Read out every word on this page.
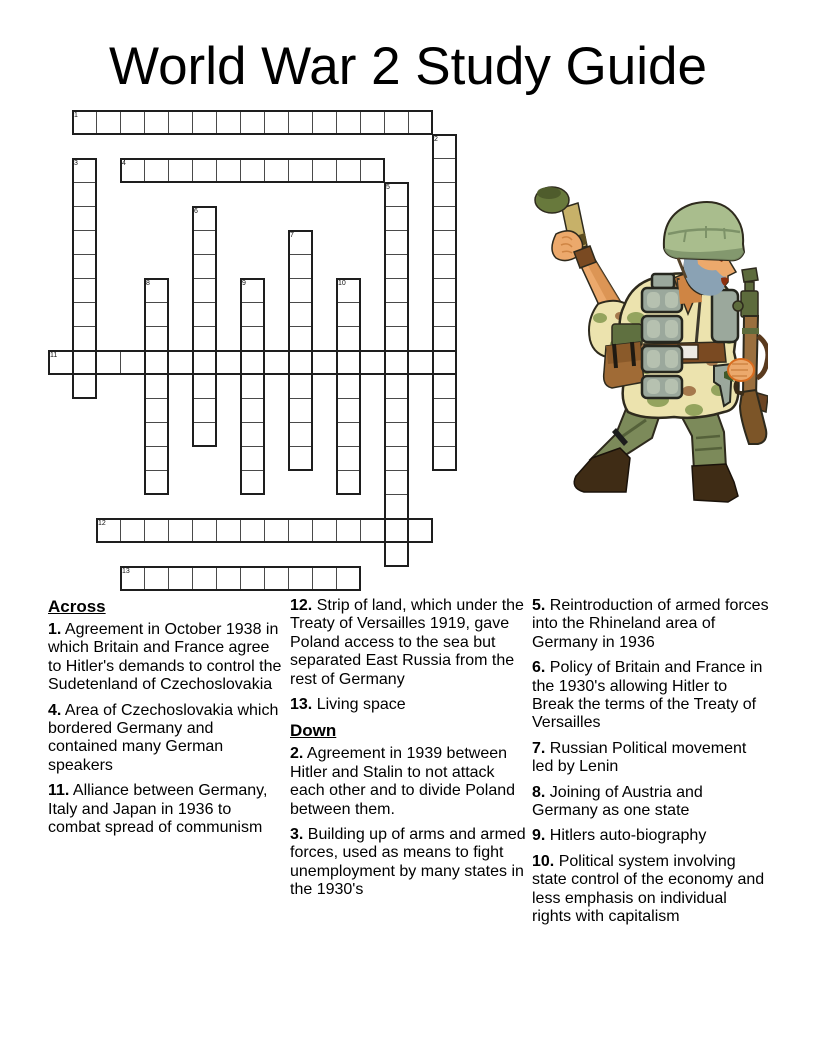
World War 2 Study Guide
1
2
3	4
5
6
7
8	9	10
11
12
13
Across

1. Agreement in October 1938 in which Britain and France agree to Hitler's demands to control the Sudetenland of Czechoslovakia

4. Area of Czechoslovakia which bordered Germany and contained many German speakers

11. Alliance between Germany, Italy and Japan in 1936 to combat spread of communism

12. Strip of land, which under the Treaty of Versailles 1919, gave Poland access to the sea but separated East Russia from the rest of Germany

13. Living space

Down

2. Agreement in 1939 between Hitler and Stalin to not attack each other and to divide Poland between them.

3. Building up of arms and armed forces, used as means to fight unemployment by many states in the 1930's

5. Reintroduction of armed forces into the Rhineland area of Germany in 1936

6. Policy of Britain and France in the 1930's allowing Hitler to Break the terms of the Treaty of Versailles

7. Russian Political movement led by Lenin

8. Joining of Austria and Germany as one state

9. Hitlers auto-biography

10. Political system involving state control of the economy and less emphasis on individual rights with capitalism
